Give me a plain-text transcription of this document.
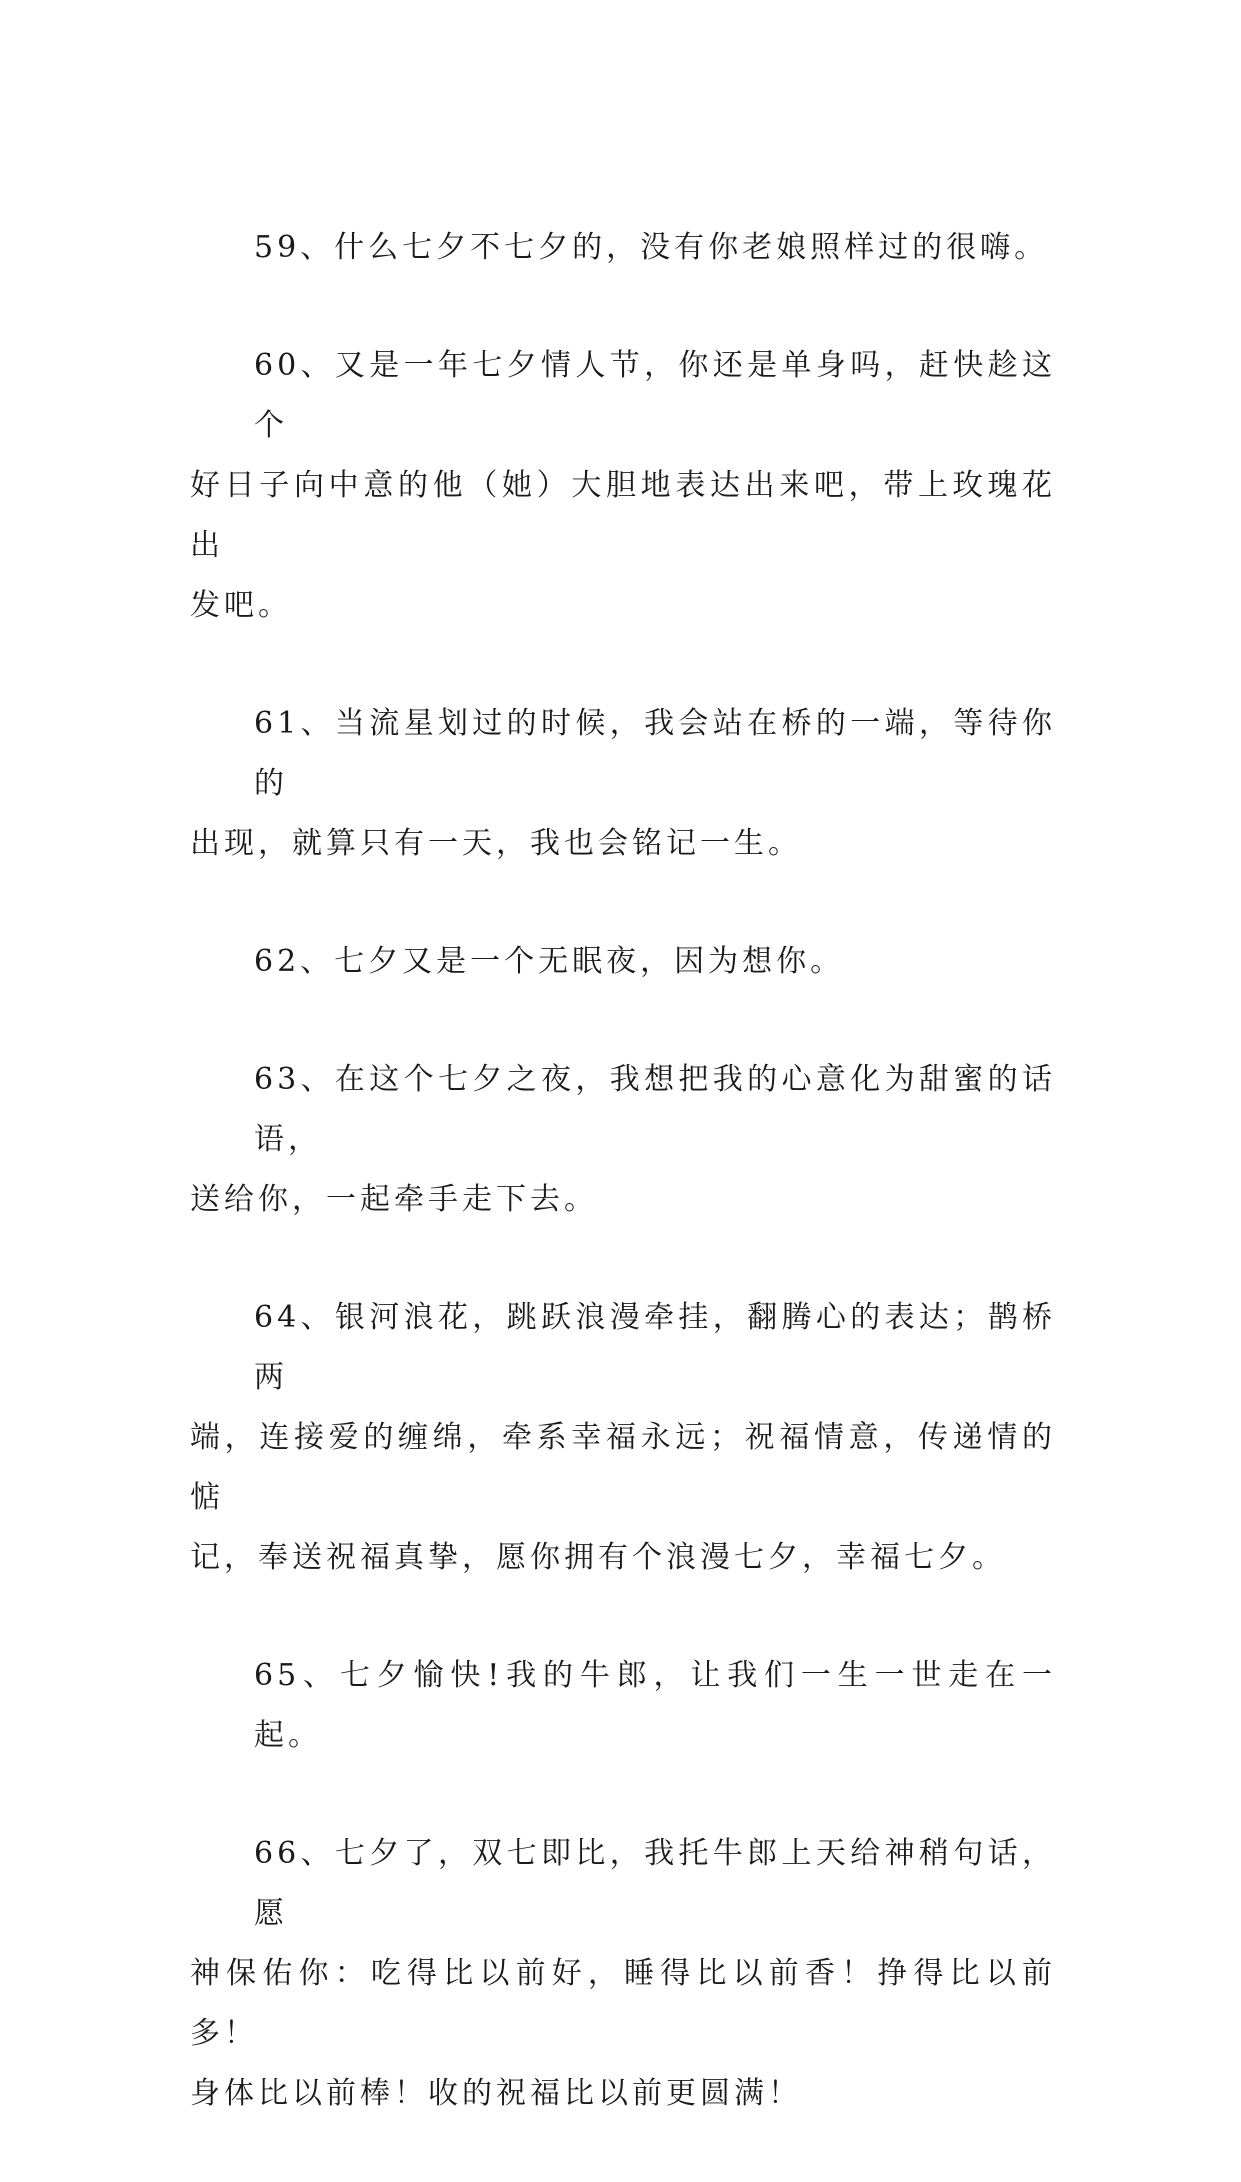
59、什么七夕不七夕的，没有你老娘照样过的很嗨。

60、又是一年七夕情人节，你还是单身吗，赶快趁这个
好日子向中意的他（她）大胆地表达出来吧，带上玫瑰花出
发吧。

61、当流星划过的时候，我会站在桥的一端，等待你的
出现，就算只有一天，我也会铭记一生。

62、七夕又是一个无眠夜，因为想你。

63、在这个七夕之夜，我想把我的心意化为甜蜜的话语，
送给你，一起牵手走下去。

64、银河浪花，跳跃浪漫牵挂，翻腾心的表达；鹊桥两
端，连接爱的缠绵，牵系幸福永远；祝福情意，传递情的惦
记，奉送祝福真挚，愿你拥有个浪漫七夕，幸福七夕。

65、七夕愉快!我的牛郎，让我们一生一世走在一起。

66、七夕了，双七即比，我托牛郎上天给神稍句话，愿
神保佑你：吃得比以前好，睡得比以前香！挣得比以前多！
身体比以前棒！收的祝福比以前更圆满！
